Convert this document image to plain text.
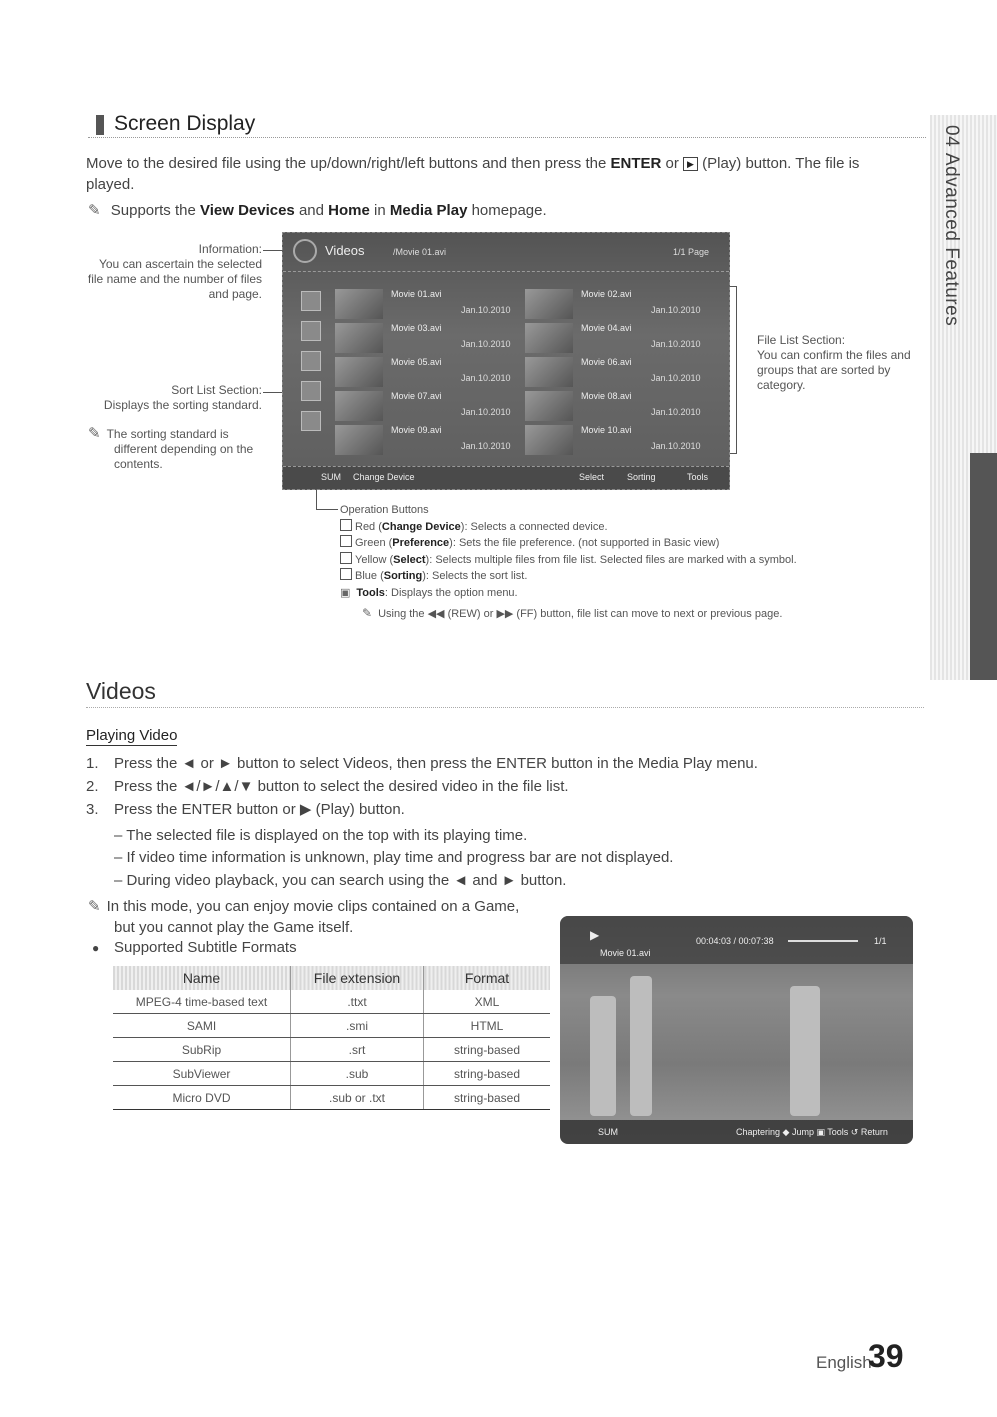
04 Advanced Features
Screen Display
Move to the desired file using the up/down/right/left buttons and then press the ENTER or ▶ (Play) button. The file is
played.
✎ Supports the View Devices and Home in Media Play homepage.
Information:
You can ascertain the selected
file name and the number of files
and page.
Sort List Section:
Displays the sorting standard.
✎ The sorting standard is
different depending on the
contents.
Videos	/Movie 01.avi	1/1 Page
Movie 01.avi
Jan.10.2010
Movie 02.avi
Jan.10.2010
Movie 03.avi
Jan.10.2010
Movie 04.avi
Jan.10.2010
Movie 05.avi
Jan.10.2010
Movie 06.avi
Jan.10.2010
Movie 07.avi
Jan.10.2010
Movie 08.avi
Jan.10.2010
Movie 09.avi
Jan.10.2010
Movie 10.avi
Jan.10.2010
SUM Change Device	Select	Sorting	Tools
File List Section:
You can confirm the files and
groups that are sorted by
category.
Operation Buttons
Red (Change Device): Selects a connected device.
Green (Preference): Sets the file preference. (not supported in Basic view)
Yellow (Select): Selects multiple files from file list. Selected files are marked with a symbol.
Blue (Sorting): Selects the sort list.
▣ Tools: Displays the option menu.
✎ Using the ◀◀ (REW) or ▶▶ (FF) button, file list can move to next or previous page.
Videos
Playing Video
1. Press the ◄ or ► button to select Videos, then press the ENTER button in the Media Play menu.
2. Press the ◄/►/▲/▼ button to select the desired video in the file list.
3. Press the ENTER button or ▶ (Play) button.
– The selected file is displayed on the top with its playing time.
– If video time information is unknown, play time and progress bar are not displayed.
– During video playback, you can search using the ◄ and ► button.
✎ In this mode, you can enjoy movie clips contained on a Game,
but you cannot play the Game itself.
● Supported Subtitle Formats
Name	File extension	Format
MPEG-4 time-based text	.ttxt	XML
SAMI	.smi	HTML
SubRip	.srt	string-based
SubViewer	.sub	string-based
Micro DVD	.sub or .txt	string-based
▶	00:04:03 / 00:07:38	1/1
Movie 01.avi
SUM	Chaptering ◆ Jump ▣ Tools ↺ Return
English
39
